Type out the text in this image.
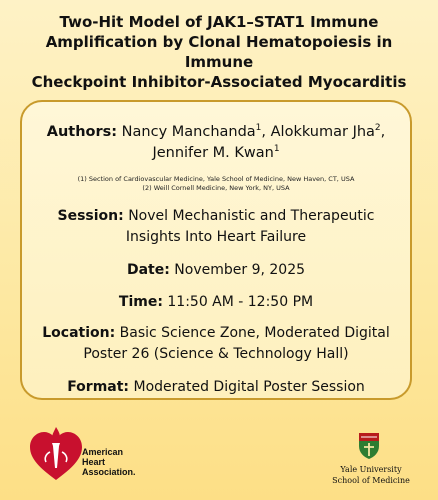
Two-Hit Model of JAK1–STAT1 Immune
Amplification by Clonal Hematopoiesis in Immune
Checkpoint Inhibitor-Associated Myocarditis
Authors: Nancy Manchanda$^1$, Alokkumar Jha$^2$,
Jennifer M. Kwan$^1$
(1) Section of Cardiovascular Medicine, Yale School of Medicine, New Haven, CT, USA
(2) Weill Cornell Medicine, New York, NY, USA
Session: Novel Mechanistic and Therapeutic
Insights Into Heart Failure
Date: November 9, 2025
Time: 11:50 AM - 12:50 PM
Location: Basic Science Zone, Moderated Digital
Poster 26 (Science & Technology Hall)
Format: Moderated Digital Poster Session
American
Heart
Association.	Yale University
School of Medicine
